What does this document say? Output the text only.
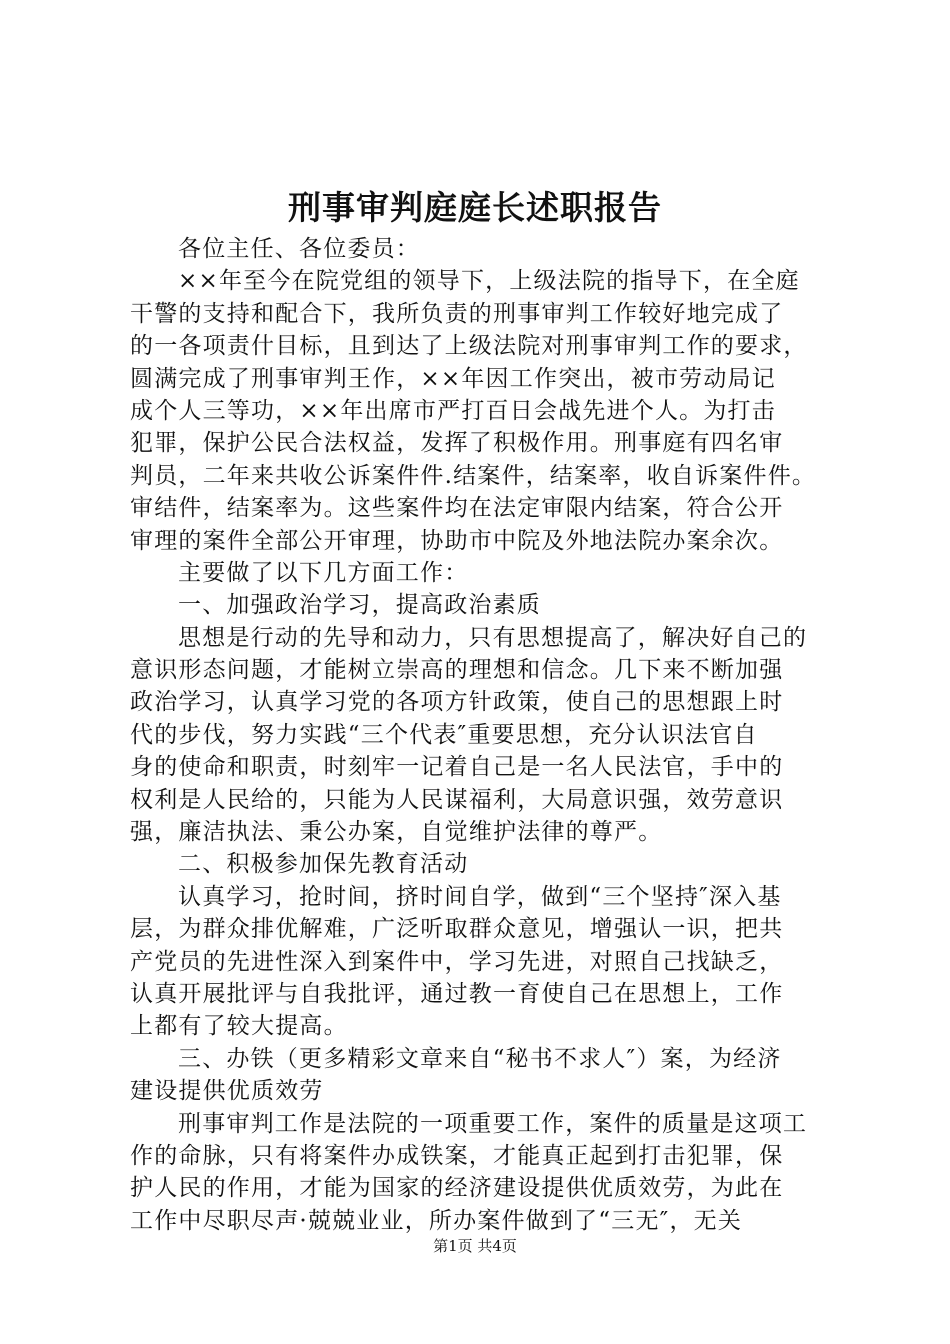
刑事审判庭庭长述职报告
各位主任、各位委员：
××年至今在院党组的领导下，上级法院的指导下，在全庭
干警的支持和配合下，我所负责的刑事审判工作较好地完成了
的一各项责什目标，且到达了上级法院对刑事审判工作的要求，
圆满完成了刑事审判王作，××年因工作突出，被市劳动局记
成个人三等功，××年出席市严打百日会战先进个人。为打击
犯罪，保护公民合法权益，发挥了积极作用。刑事庭有四名审
判员，二年来共收公诉案件件.结案件，结案率，收自诉案件件。
审结件，结案率为。这些案件均在法定审限内结案，符合公开
审理的案件全部公开审理，协助市中院及外地法院办案余次。
主要做了以下几方面工作：
一、加强政治学习，提高政治素质
思想是行动的先导和动力，只有思想提高了，解决好自己的
意识形态问题，才能树立崇高的理想和信念。几下来不断加强
政治学习，认真学习党的各项方针政策，使自己的思想跟上时
代的步伐，努力实践“三个代表″重要思想，充分认识法官自
身的使命和职责，时刻牢一记着自己是一名人民法官，手中的
权利是人民给的，只能为人民谋福利，大局意识强，效劳意识
强，廉洁执法、秉公办案，自觉维护法律的尊严。
二、积极参加保先教育活动
认真学习，抢时间，挤时间自学，做到“三个坚持″深入基
层，为群众排优解难，广泛听取群众意见，增强认一识，把共
产党员的先进性深入到案件中，学习先进，对照自己找缺乏，
认真开展批评与自我批评，通过教一育使自己在思想上，工作
上都有了较大提高。
三、办铁（更多精彩文章来自“秘书不求人″）案，为经济
建设提供优质效劳
刑事审判工作是法院的一项重要工作，案件的质量是这项工
作的命脉，只有将案件办成铁案，才能真正起到打击犯罪，保
护人民的作用，才能为国家的经济建设提供优质效劳，为此在
工作中尽职尽声·兢兢业业，所办案件做到了“三无″，无关
第1页 共4页
